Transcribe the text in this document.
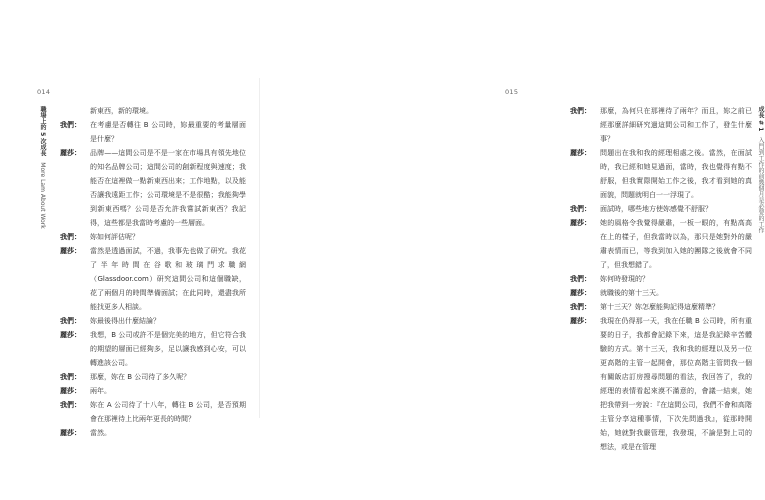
014
職場上的 5 次成長 More Lam About Work
新東西，新的環境。
我們：	在考慮是否轉往 B 公司時，妳最重要的考量層面是什麼？
麗莎：	品牌——這間公司是不是一家在市場具有領先地位的知名品牌公司；這間公司的創新程度與速度；我能否在這裡做一點新東西出來；工作地點，以及能否讓我遠距工作；公司環境是不是很酷；我能夠學到新東西嗎？公司是否允許我嘗試新東西？我記得，這些都是我當時考慮的一些層面。
我們：	妳如何評估呢？
麗莎：	當然是透過面試，不過，我事先也做了研究。我花了半年時間在谷歌和玻璃門求職網（Glassdoor.com）研究這間公司和這個職缺，花了兩個月的時間準備面試；在此同時，還盡我所能找更多人相談。
我們：	妳最後得出什麼結論？
麗莎：	我想，B 公司或許不是個完美的地方，但它符合我的期望的層面已經夠多，足以讓我感到心安，可以轉進該公司。
我們：	那麼，妳在 B 公司待了多久呢？
麗莎：	兩年。
我們：	妳在 A 公司待了十八年，轉往 B 公司，是否預期會在那裡待上比兩年更長的時間？
麗莎：	當然。
我們：	那麼，為何只在那裡待了兩年？而且，妳之前已經那麼詳細研究過這間公司和工作了，發生什麼事？
麗莎：	問題出在我和我的經理相處之後。當然，在面試時，我已經和她見過面，當時，我也覺得有點不舒服，但我實際開始工作之後，我才看到她的真面貌，問題就明白一一浮現了。
我們：	面試時，哪些地方使妳感覺不舒服？
麗莎：	她的風格令我覺得嚴肅，一板一眼的，有點高高在上的樣子，但我當時以為，那只是她對外的嚴肅表情而已，等我到加入她的團隊之後就會不同了，但我想錯了。
我們：	妳何時發現的？
麗莎：	就職後的第十三天。
我們：	第十三天？妳怎麼能夠記得這麼精準？
麗莎：	我現在仍得那一天，我在任職 B 公司時，所有重要的日子，我都會記錄下來，這是我記錄辛苦體驗的方式。第十三天，我和我的經理以及另一位更高階的主管一起開會，那位高階主管問我一個有關飯店訂房搜尋問題的看法，我回答了，我的經理的表情看起來漠不滿意的，會議一結束，她把我帶到一旁說：『在這間公司，我們不會和高階主管分享這種事情，下次先問過我』，從那時開始，她就對我嚴管理，我發現，不論是對上司的想法，或是在管理
成長 # 1 入門到工作的前幾個月是必要的工作
015
